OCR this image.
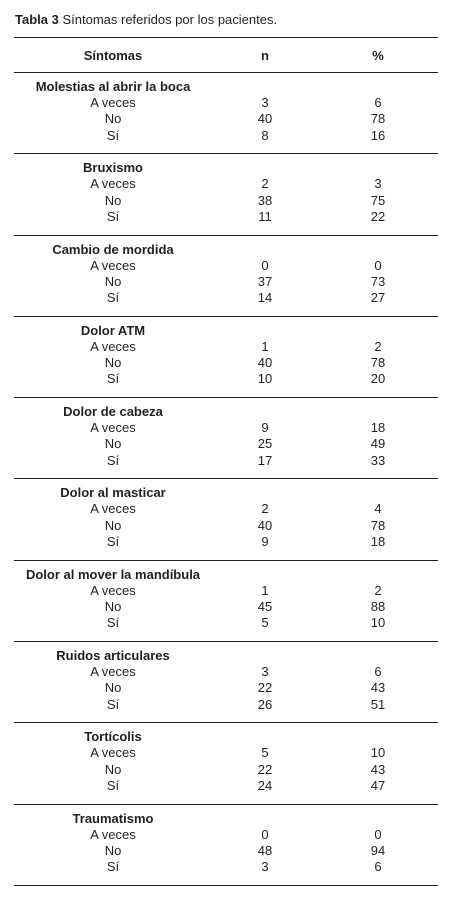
Tabla 3 Síntomas referidos por los pacientes.
Síntomas	n	%
Molestias al abrir la boca
A veces	3	6
No	40	78
Sí	8	16
Bruxismo
A veces	2	3
No	38	75
Sí	11	22
Cambio de mordida
A veces	0	0
No	37	73
Sí	14	27
Dolor ATM
A veces	1	2
No	40	78
Sí	10	20
Dolor de cabeza
A veces	9	18
No	25	49
Sí	17	33
Dolor al masticar
A veces	2	4
No	40	78
Sí	9	18
Dolor al mover la mandíbula
A veces	1	2
No	45	88
Sí	5	10
Ruidos articulares
A veces	3	6
No	22	43
Sí	26	51
Tortícolis
A veces	5	10
No	22	43
Sí	24	47
Traumatismo
A veces	0	0
No	48	94
Sí	3	6
